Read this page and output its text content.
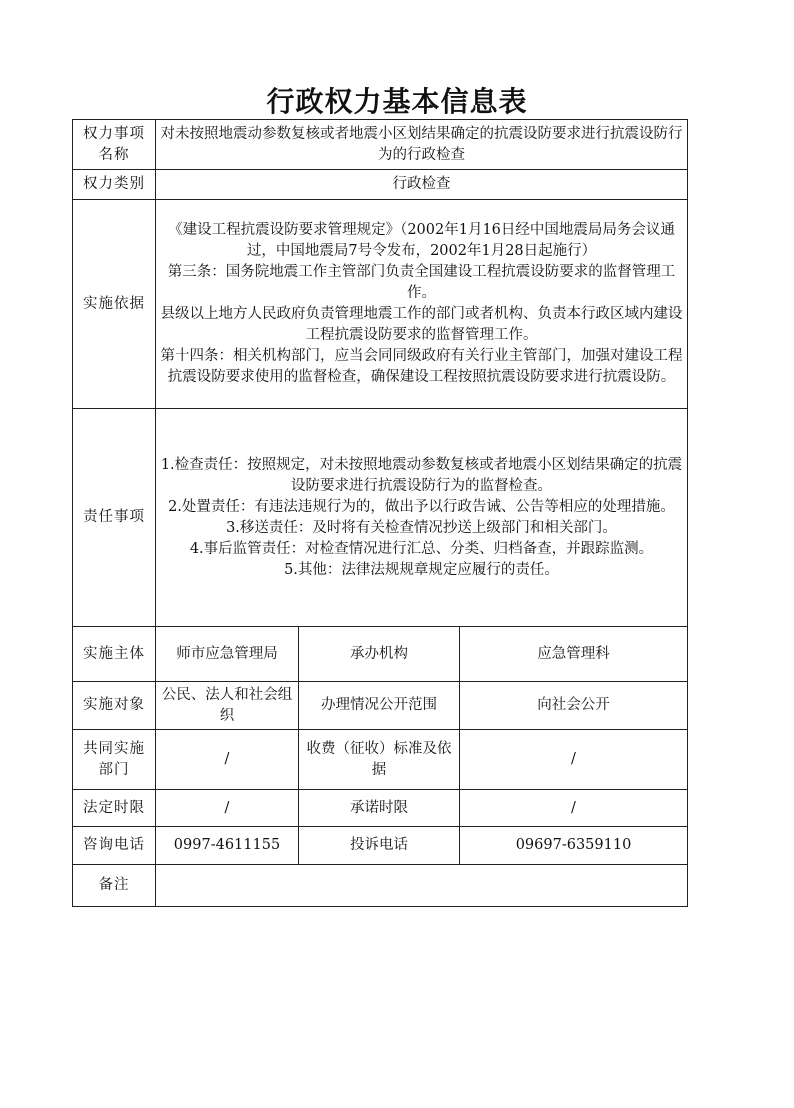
行政权力基本信息表
权力事项名称	对未按照地震动参数复核或者地震小区划结果确定的抗震设防要求进行抗震设防行为的行政检查		
权力类别	行政检查		
实施依据	《建设工程抗震设防要求管理规定》（2002年1月16日经中国地震局局务会议通过，中国地震局7号令发布，2002年1月28日起施行）
第三条：国务院地震工作主管部门负责全国建设工程抗震设防要求的监督管理工作。
县级以上地方人民政府负责管理地震工作的部门或者机构、负责本行政区域内建设工程抗震设防要求的监督管理工作。
第十四条：相关机构部门，应当会同同级政府有关行业主管部门，加强对建设工程抗震设防要求使用的监督检查，确保建设工程按照抗震设防要求进行抗震设防。		

责任事项	1.检查责任：按照规定，对未按照地震动参数复核或者地震小区划结果确定的抗震设防要求进行抗震设防行为的监督检查。
2.处置责任：有违法违规行为的，做出予以行政告诫、公告等相应的处理措施。
3.移送责任：及时将有关检查情况抄送上级部门和相关部门。
4.事后监管责任：对检查情况进行汇总、分类、归档备查，并跟踪监测。
5.其他：法律法规规章规定应履行的责任。		

实施主体	师市应急管理局	承办机构	应急管理科
实施对象	公民、法人和社会组织	办理情况公开范围	向社会公开
共同实施部门	/	收费（征收）标准及依据	/
法定时限	/	承诺时限	/
咨询电话	0997-4611155	投诉电话	09697-6359110
备注			
